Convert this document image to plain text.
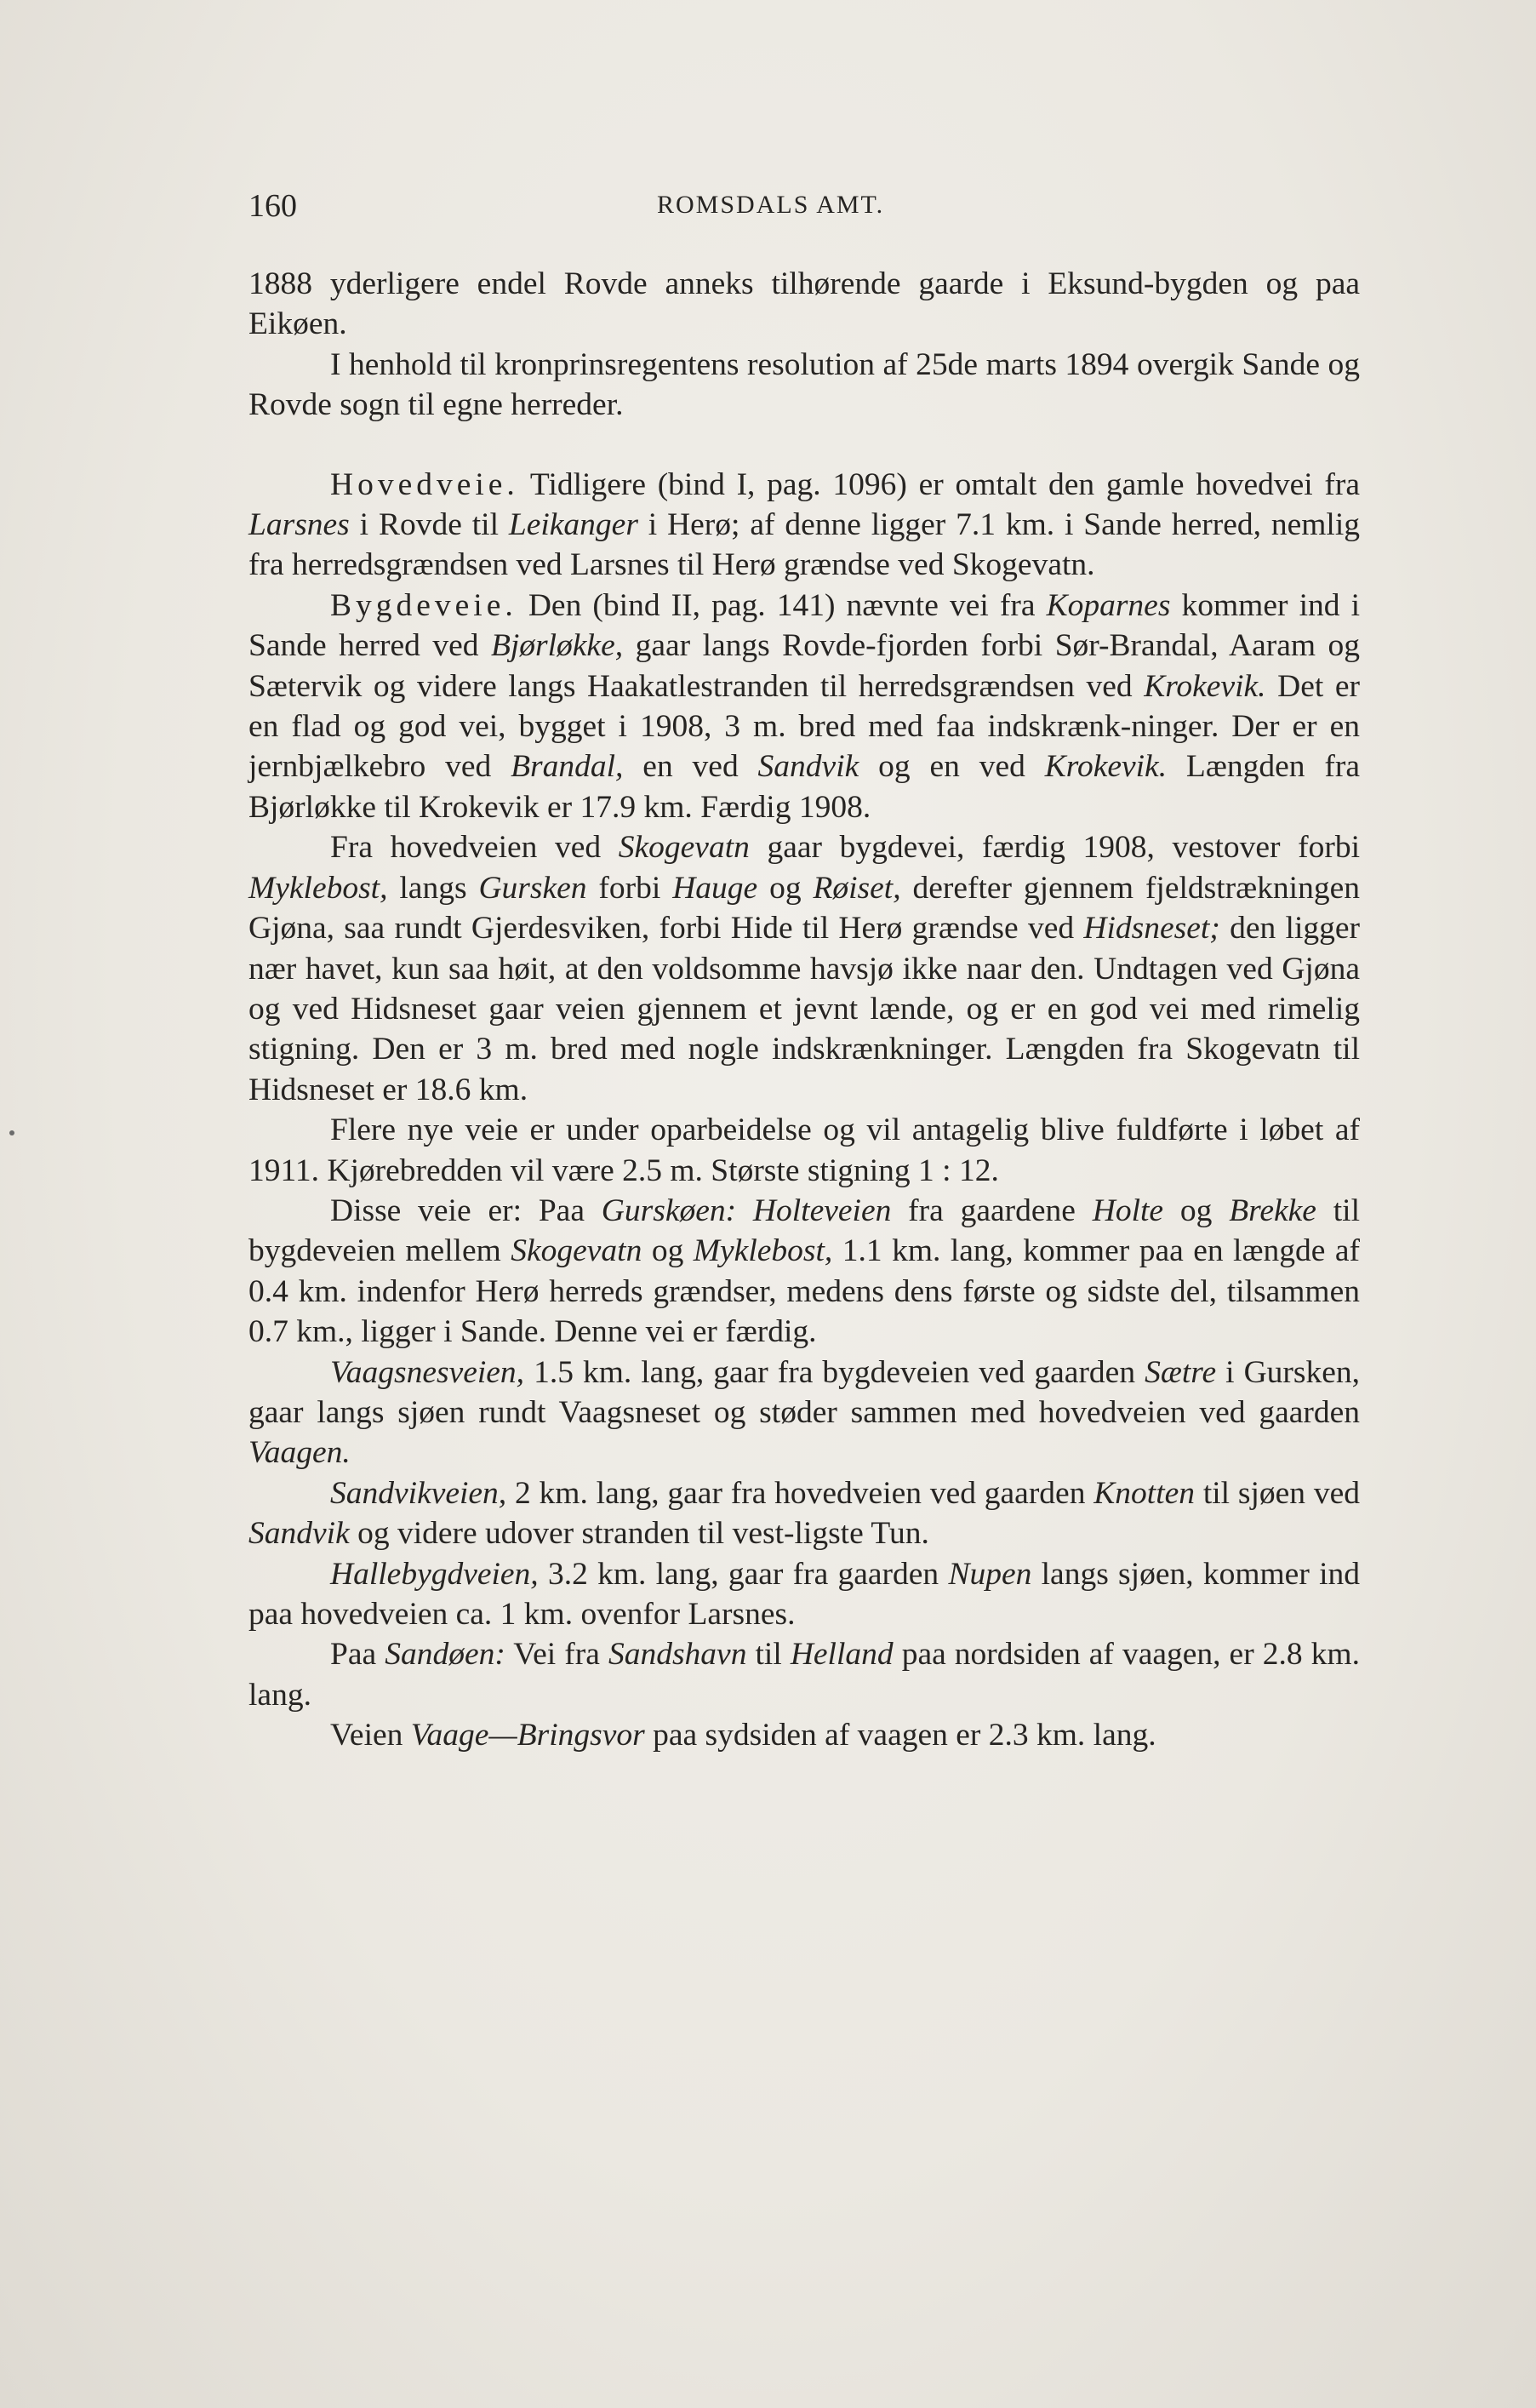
160	ROMSDALS AMT.

1888 yderligere endel Rovde anneks tilhørende gaarde i Eksund-bygden og paa Eikøen.

I henhold til kronprinsregentens resolution af 25de marts 1894 overgik Sande og Rovde sogn til egne herreder.

Hovedveie. Tidligere (bind I, pag. 1096) er omtalt den gamle hovedvei fra Larsnes i Rovde til Leikanger i Herø; af denne ligger 7.1 km. i Sande herred, nemlig fra herredsgrændsen ved Larsnes til Herø grændse ved Skogevatn.

Bygdeveie. Den (bind II, pag. 141) nævnte vei fra Koparnes kommer ind i Sande herred ved Bjørløkke, gaar langs Rovde-fjorden forbi Sør-Brandal, Aaram og Sætervik og videre langs Haakatlestranden til herredsgrændsen ved Krokevik. Det er en flad og god vei, bygget i 1908, 3 m. bred med faa indskrænk-ninger. Der er en jernbjælkebro ved Brandal, en ved Sandvik og en ved Krokevik. Længden fra Bjørløkke til Krokevik er 17.9 km. Færdig 1908.

Fra hovedveien ved Skogevatn gaar bygdevei, færdig 1908, vestover forbi Myklebost, langs Gursken forbi Hauge og Røiset, derefter gjennem fjeldstrækningen Gjøna, saa rundt Gjerdesviken, forbi Hide til Herø grændse ved Hidsneset; den ligger nær havet, kun saa høit, at den voldsomme havsjø ikke naar den. Undtagen ved Gjøna og ved Hidsneset gaar veien gjennem et jevnt lænde, og er en god vei med rimelig stigning. Den er 3 m. bred med nogle indskrænkninger. Længden fra Skogevatn til Hidsneset er 18.6 km.

Flere nye veie er under oparbeidelse og vil antagelig blive fuldførte i løbet af 1911. Kjørebredden vil være 2.5 m. Største stigning 1 : 12.

Disse veie er: Paa Gurskøen: Holteveien fra gaardene Holte og Brekke til bygdeveien mellem Skogevatn og Myklebost, 1.1 km. lang, kommer paa en længde af 0.4 km. indenfor Herø herreds grændser, medens dens første og sidste del, tilsammen 0.7 km., ligger i Sande. Denne vei er færdig.

Vaagsnesveien, 1.5 km. lang, gaar fra bygdeveien ved gaarden Sætre i Gursken, gaar langs sjøen rundt Vaagsneset og støder sammen med hovedveien ved gaarden Vaagen.

Sandvikveien, 2 km. lang, gaar fra hovedveien ved gaarden Knotten til sjøen ved Sandvik og videre udover stranden til vest-ligste Tun.

Hallebygdveien, 3.2 km. lang, gaar fra gaarden Nupen langs sjøen, kommer ind paa hovedveien ca. 1 km. ovenfor Larsnes.

Paa Sandøen: Vei fra Sandshavn til Helland paa nordsiden af vaagen, er 2.8 km. lang.

Veien Vaage—Bringsvor paa sydsiden af vaagen er 2.3 km. lang.
